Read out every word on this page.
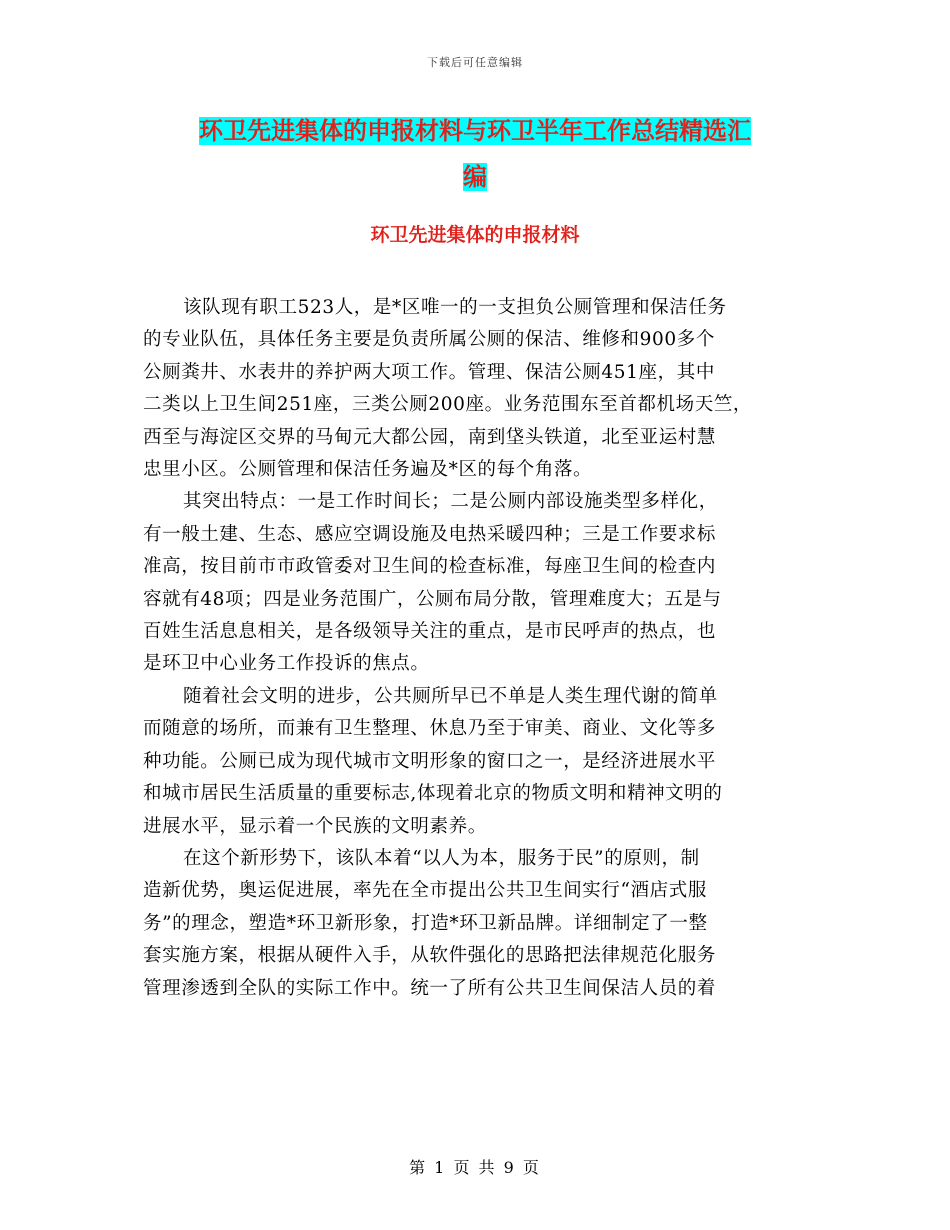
下载后可任意编辑
环卫先进集体的申报材料与环卫半年工作总结精选汇
编
环卫先进集体的申报材料
该队现有职工523人，是*区唯一的一支担负公厕管理和保洁任务
的专业队伍，具体任务主要是负责所属公厕的保洁、维修和900多个
公厕粪井、水表井的养护两大项工作。管理、保洁公厕451座，其中
二类以上卫生间251座，三类公厕200座。业务范围东至首都机场天竺，
西至与海淀区交界的马甸元大都公园，南到垡头铁道，北至亚运村慧
忠里小区。公厕管理和保洁任务遍及*区的每个角落。
其突出特点：一是工作时间长；二是公厕内部设施类型多样化，
有一般土建、生态、感应空调设施及电热采暖四种；三是工作要求标
准高，按目前市市政管委对卫生间的检查标准，每座卫生间的检查内
容就有48项；四是业务范围广，公厕布局分散，管理难度大；五是与
百姓生活息息相关，是各级领导关注的重点，是市民呼声的热点，也
是环卫中心业务工作投诉的焦点。
随着社会文明的进步，公共厕所早已不单是人类生理代谢的简单
而随意的场所，而兼有卫生整理、休息乃至于审美、商业、文化等多
种功能。公厕已成为现代城市文明形象的窗口之一，是经济进展水平
和城市居民生活质量的重要标志,体现着北京的物质文明和精神文明的
进展水平，显示着一个民族的文明素养。
在这个新形势下，该队本着“以人为本，服务于民”的原则，制
造新优势，奥运促进展，率先在全市提出公共卫生间实行“酒店式服
务”的理念，塑造*环卫新形象，打造*环卫新品牌。详细制定了一整
套实施方案，根据从硬件入手，从软件强化的思路把法律规范化服务
管理渗透到全队的实际工作中。统一了所有公共卫生间保洁人员的着
第 1 页 共 9 页
